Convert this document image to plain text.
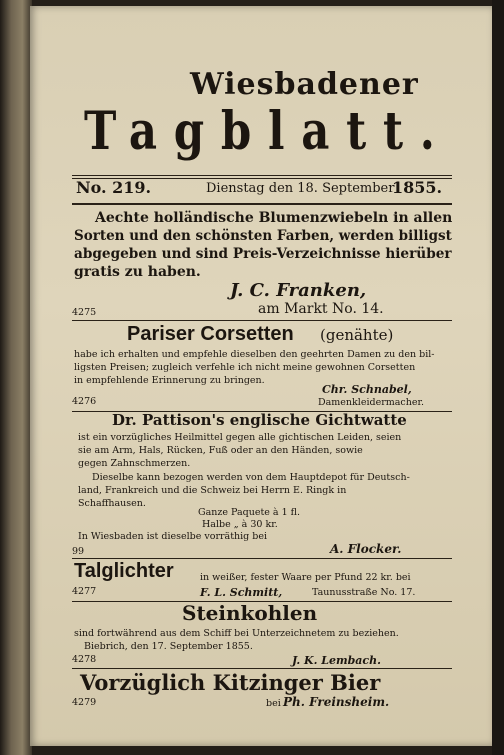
Wiesbadener
Tagblatt.
No. 219.	Dienstag den 18. September
1855.
Aechte holländische Blumenzwiebeln in allen
Sorten und den schönsten Farben, werden billigst
abgegeben und sind Preis-Verzeichnisse hierüber
gratis zu haben.
J. C. Franken,
am Markt No. 14.
4275
Pariser Corsetten (genähte)
habe ich erhalten und empfehle dieselben den geehrten Damen zu den bil-
ligsten Preisen; zugleich verfehle ich nicht meine gewohnen Corsetten
in empfehlende Erinnerung zu bringen.
Chr. Schnabel,
Damenkleidermacher.
4276
Dr. Pattison's englische Gichtwatte
ist ein vorzügliches Heilmittel gegen alle gichtischen Leiden, seien
sie am Arm, Hals, Rücken, Fuß oder an den Händen, sowie
gegen Zahnschmerzen.
Dieselbe kann bezogen werden von dem Hauptdepot für Deutsch-
land, Frankreich und die Schweiz bei Herrn E. Ringk in
Schaffhausen.
Ganze Paquete à 1 fl.
Halbe „ à 30 kr.
In Wiesbaden ist dieselbe vorräthig bei
99	A. Flocker.
Talglichter	in weißer, fester Waare per Pfund 22 kr. bei
4277	F. L. Schmitt,	Taunusstraße No. 17.
Steinkohlen
sind fortwährend aus dem Schiff bei Unterzeichnetem zu beziehen.
Biebrich, den 17. September 1855.
4278	J. K. Lembach.
Vorzüglich Kitzinger Bier
4279	bei Ph. Freinsheim.
